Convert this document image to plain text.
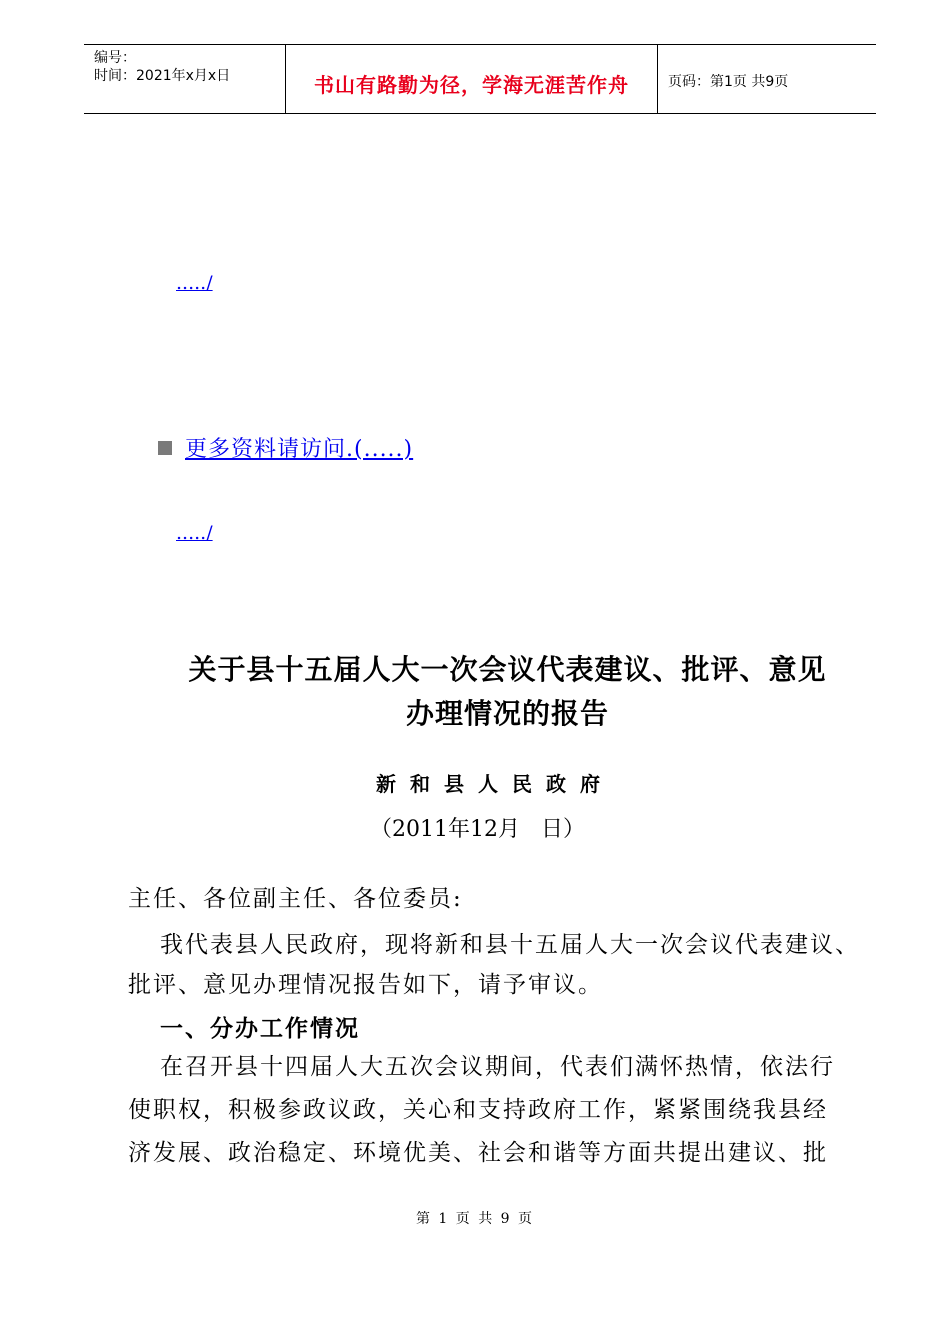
编号：
时间：2021年x月x日	书山有路勤为径，学海无涯苦作舟	页码：第1页 共9页
...../
更多资料请访问.(.....)
...../
关于县十五届人大一次会议代表建议、批评、意见
办理情况的报告
新和县人民政府
（2011年12月   日）
主任、各位副主任、各位委员:
我代表县人民政府，现将新和县十五届人大一次会议代表建议、
批评、意见办理情况报告如下，请予审议。
一、分办工作情况
在召开县十四届人大五次会议期间，代表们满怀热情，依法行
使职权，积极参政议政，关心和支持政府工作，紧紧围绕我县经
济发展、政治稳定、环境优美、社会和谐等方面共提出建议、批
第 1 页 共 9 页
